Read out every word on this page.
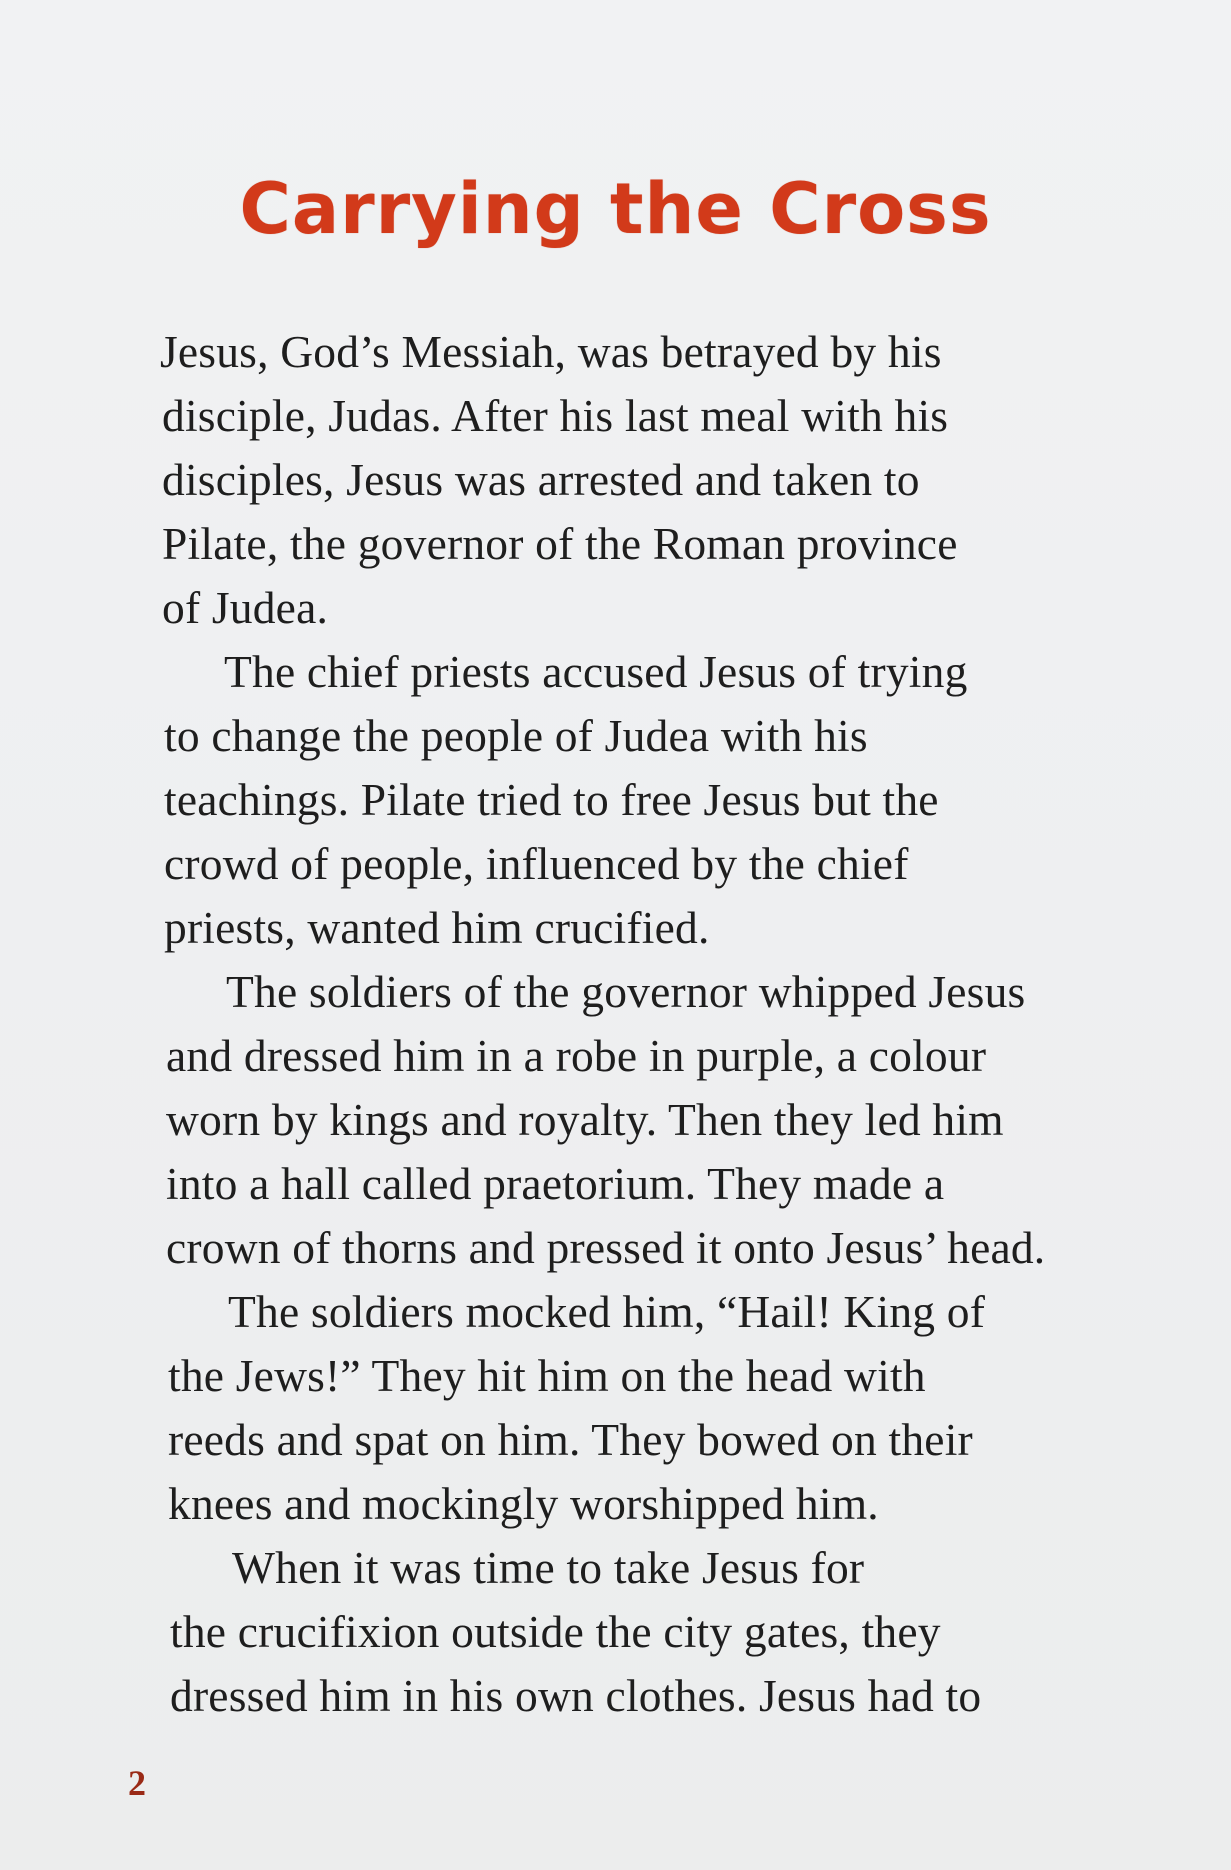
Carrying the Cross
Jesus, God’s Messiah, was betrayed by his
disciple, Judas. After his last meal with his
disciples, Jesus was arrested and taken to
Pilate, the governor of the Roman province
of Judea.
The chief priests accused Jesus of trying
to change the people of Judea with his
teachings. Pilate tried to free Jesus but the
crowd of people, influenced by the chief
priests, wanted him crucified.
The soldiers of the governor whipped Jesus
and dressed him in a robe in purple, a colour
worn by kings and royalty. Then they led him
into a hall called praetorium. They made a
crown of thorns and pressed it onto Jesus’ head.
The soldiers mocked him, “Hail! King of
the Jews!” They hit him on the head with
reeds and spat on him. They bowed on their
knees and mockingly worshipped him.
When it was time to take Jesus for
the crucifixion outside the city gates, they
dressed him in his own clothes. Jesus had to
2
